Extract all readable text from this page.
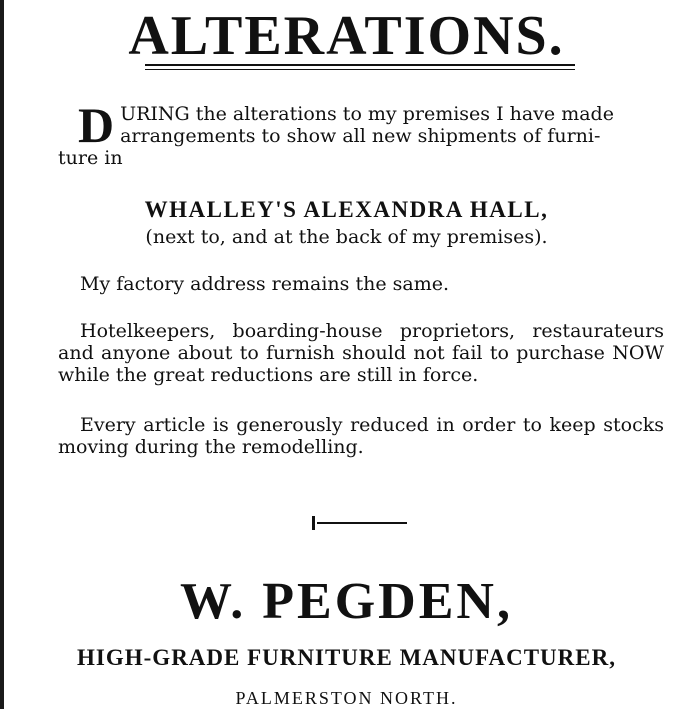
ALTERATIONS.
D URING the alterations to my premises I have made
arrangements to show all new shipments of furni-
ture in
WHALLEY'S ALEXANDRA HALL,
(next to, and at the back of my premises).
My factory address remains the same.
Hotelkeepers, boarding-house proprietors, restaurateurs and anyone about to furnish should not fail to purchase NOW while the great reductions are still in force.
Every article is generously reduced in order to keep stocks moving during the remodelling.
W. PEGDEN,
HIGH-GRADE FURNITURE MANUFACTURER,
PALMERSTON NORTH.
